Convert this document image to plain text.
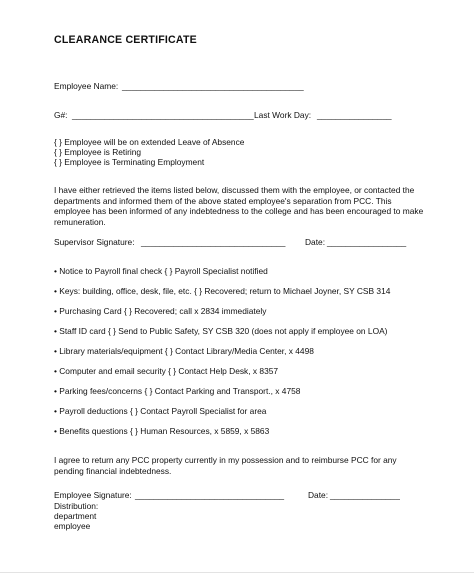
CLEARANCE CERTIFICATE
Employee Name: _______________________________________
G#: _______________________________________ Last Work Day: ________________
{ } Employee will be on extended Leave of Absence
{ } Employee is Retiring
{ } Employee is Terminating Employment
I have either retrieved the items listed below, discussed them with the employee, or contacted the departments and informed them of the above stated employee's separation from PCC. This employee has been informed of any indebtedness to the college and has been encouraged to make remuneration.
Supervisor Signature: _______________________________ Date: _________________
• Notice to Payroll final check { } Payroll Specialist notified
• Keys: building, office, desk, file, etc. { } Recovered; return to Michael Joyner, SY CSB 314
• Purchasing Card { } Recovered; call x 2834 immediately
• Staff ID card { } Send to Public Safety, SY CSB 320 (does not apply if employee on LOA)
• Library materials/equipment { } Contact Library/Media Center, x 4498
• Computer and email security { } Contact Help Desk, x 8357
• Parking fees/concerns { } Contact Parking and Transport., x 4758
• Payroll deductions { } Contact Payroll Specialist for area
• Benefits questions { } Human Resources, x 5859, x 5863
I agree to return any PCC property currently in my possession and to reimburse PCC for any pending financial indebtedness.
Employee Signature: ________________________________	Date: _______________
Distribution:
department
employee
